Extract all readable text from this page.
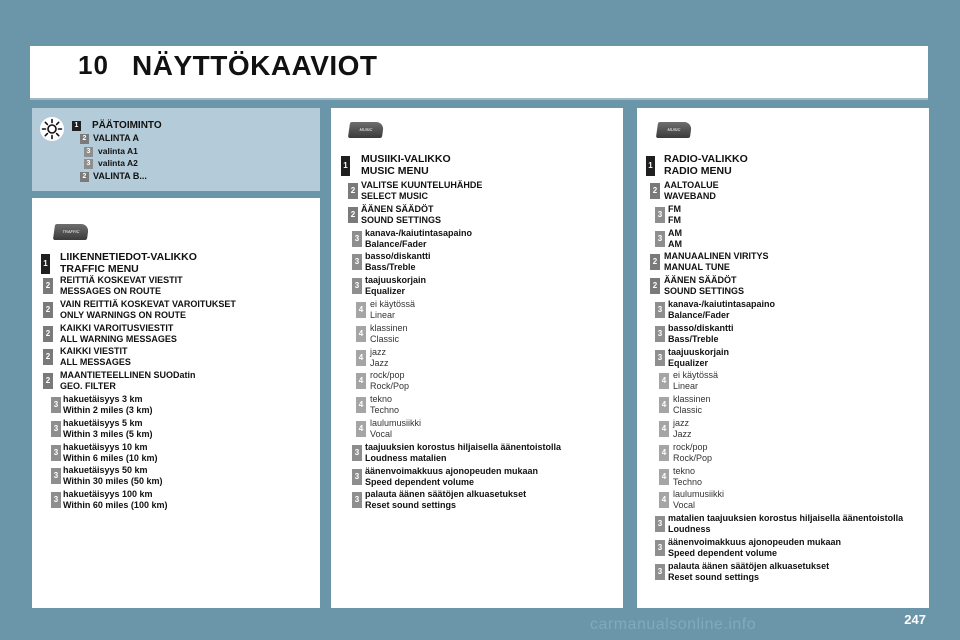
10 NÄYTTÖKAAVIOT
1 PÄÄTOIMINTO
2 VALINTA A
3 valinta A1
3 valinta A2
2 VALINTA B...
TRAFFIC
1
LIIKENNETIEDOT-VALIKKO
TRAFFIC MENU
2
REITTIÄ KOSKEVAT VIESTIT
MESSAGES ON ROUTE
2
VAIN REITTIÄ KOSKEVAT VAROITUKSET
ONLY WARNINGS ON ROUTE
2
KAIKKI VAROITUSVIESTIT
ALL WARNING MESSAGES
2
KAIKKI VIESTIT
ALL MESSAGES
2
MAANTIETEELLINEN SUODatin
GEO. FILTER
3
hakuetäisyys 3 km
Within 2 miles (3 km)
3
hakuetäisyys 5 km
Within 3 miles (5 km)
3
hakuetäisyys 10 km
Within 6 miles (10 km)
3
hakuetäisyys 50 km
Within 30 miles (50 km)
3
hakuetäisyys 100 km
Within 60 miles (100 km)
MUSIC
1
MUSIIKI-VALIKKO
MUSIC MENU
2
VALITSE KUUNTELUHÄHDE
SELECT MUSIC
2
ÄÄNEN SÄÄDÖT
SOUND SETTINGS
3
kanava-/kaiutintasapaino
Balance/Fader
3
basso/diskantti
Bass/Treble
3
taajuuskorjain
Equalizer
4
ei käytössä
Linear
4
klassinen
Classic
4
jazz
Jazz
4
rock/pop
Rock/Pop
4
tekno
Techno
4
laulumusiikki
Vocal
3
taajuuksien korostus hiljaisella äänentoistolla
Loudness matalien
3
äänenvoimakkuus ajonopeuden mukaan
Speed dependent volume
3
palauta äänen säätöjen alkuasetukset
Reset sound settings
MUSIC
1
RADIO-VALIKKO
RADIO MENU
2
AALTOALUE
WAVEBAND
3
FM
FM
3
AM
AM
2
MANUAALINEN VIRITYS
MANUAL TUNE
2
ÄÄNEN SÄÄDÖT
SOUND SETTINGS
3
kanava-/kaiutintasapaino
Balance/Fader
3
basso/diskantti
Bass/Treble
3
taajuuskorjain
Equalizer
4
ei käytössä
Linear
4
klassinen
Classic
4
jazz
Jazz
4
rock/pop
Rock/Pop
4
tekno
Techno
4
laulumusiikki
Vocal
3
matalien taajuuksien korostus hiljaisella äänentoistolla
Loudness
3
äänenvoimakkuus ajonopeuden mukaan
Speed dependent volume
3
palauta äänen säätöjen alkuasetukset
Reset sound settings
carmanualsonline.info	247
